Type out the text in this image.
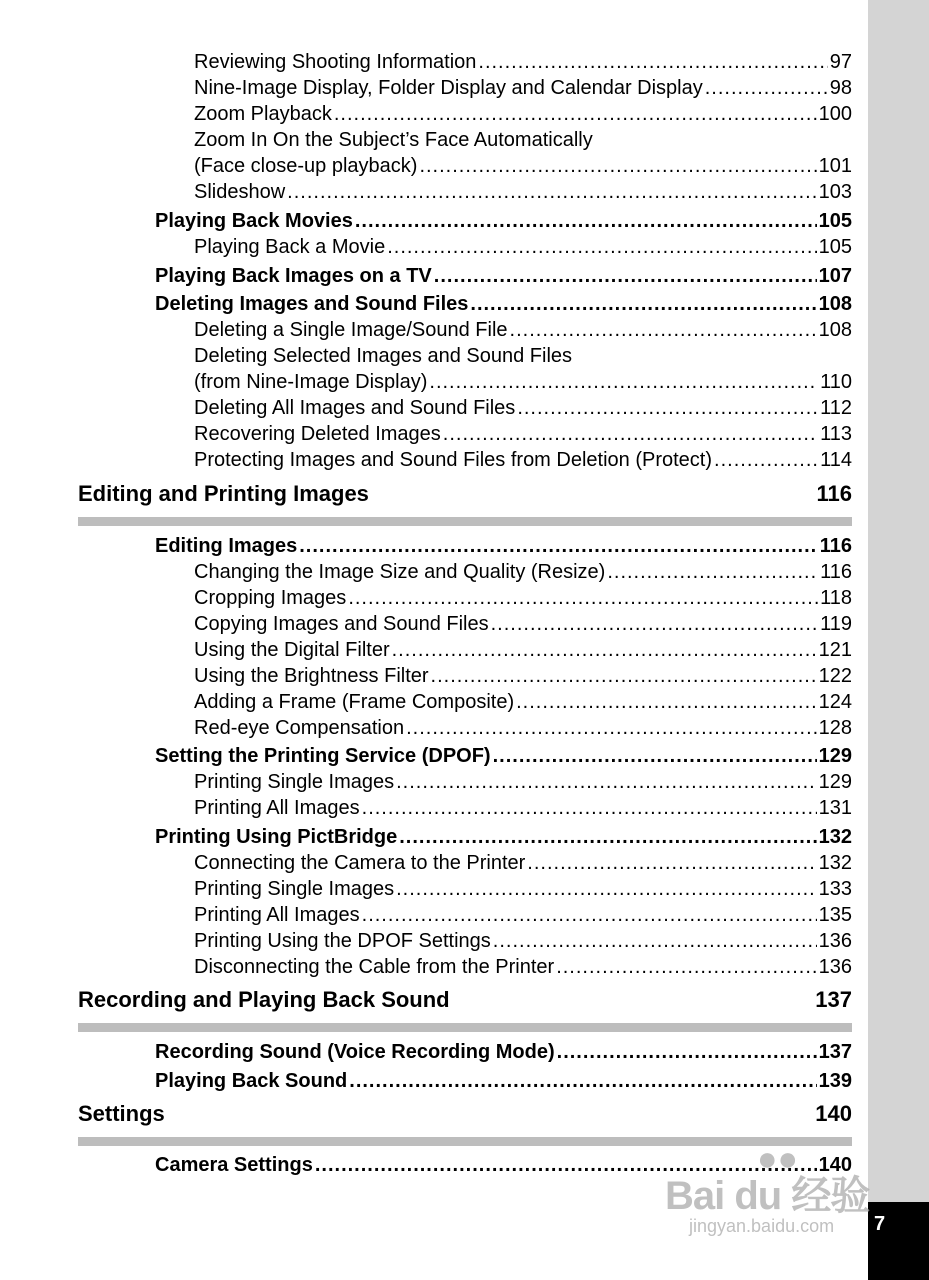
7
Reviewing Shooting Information .....	97
Nine-Image Display, Folder Display and Calendar Display .....	98
Zoom Playback .....	100
Zoom In On the Subject’s Face Automatically
(Face close-up playback) .....	101
Slideshow .....	103
Playing Back Movies .....	105
Playing Back a Movie .....	105
Playing Back Images on a TV .....	107
Deleting Images and Sound Files .....	108
Deleting a Single Image/Sound File .....	108
Deleting Selected Images and Sound Files
(from Nine-Image Display) .....	110
Deleting All Images and Sound Files .....	112
Recovering Deleted Images .....	113
Protecting Images and Sound Files from Deletion (Protect) .....	114
Editing and Printing Images	116
Editing Images .....	116
Changing the Image Size and Quality (Resize) .....	116
Cropping Images .....	118
Copying Images and Sound Files .....	119
Using the Digital Filter .....	121
Using the Brightness Filter .....	122
Adding a Frame (Frame Composite) .....	124
Red-eye Compensation .....	128
Setting the Printing Service (DPOF) .....	129
Printing Single Images .....	129
Printing All Images .....	131
Printing Using PictBridge .....	132
Connecting the Camera to the Printer .....	132
Printing Single Images .....	133
Printing All Images .....	135
Printing Using the DPOF Settings .....	136
Disconnecting the Cable from the Printer .....	136
Recording and Playing Back Sound	137
Recording Sound (Voice Recording Mode) .....	137
Playing Back Sound .....	139
Settings	140
Camera Settings .....	140
●●
Bai du 经验
jingyan.baidu.com
